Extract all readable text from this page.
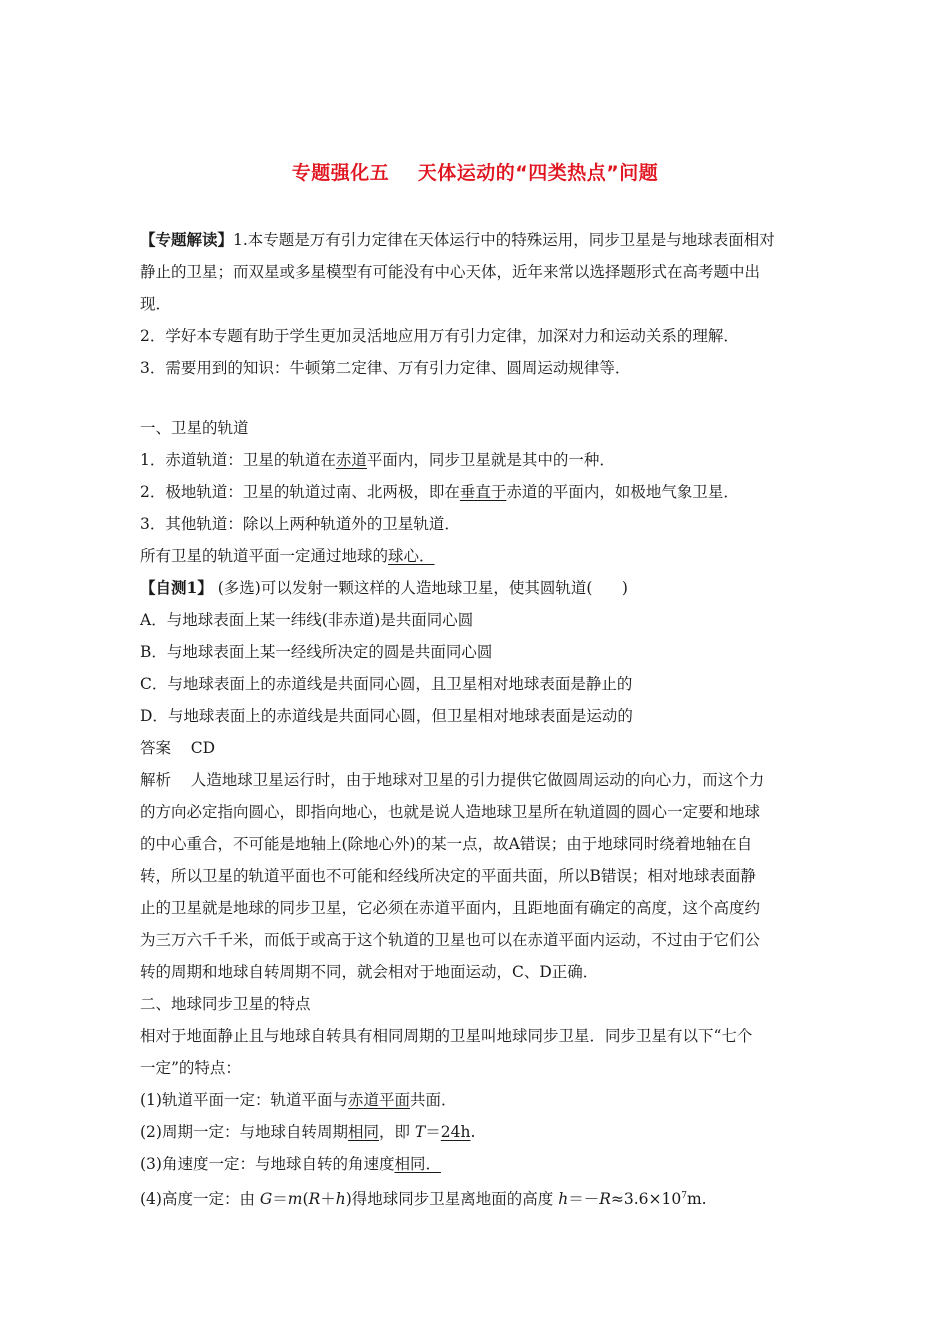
专题强化五    天体运动的“四类热点”问题
【专题解读】1.本专题是万有引力定律在天体运行中的特殊运用，同步卫星是与地球表面相对
静止的卫星；而双星或多星模型有可能没有中心天体，近年来常以选择题形式在高考题中出
现．
2．学好本专题有助于学生更加灵活地应用万有引力定律，加深对力和运动关系的理解．
3．需要用到的知识：牛顿第二定律、万有引力定律、圆周运动规律等．
一、卫星的轨道
1．赤道轨道：卫星的轨道在赤道平面内，同步卫星就是其中的一种．
2．极地轨道：卫星的轨道过南、北两极，即在垂直于赤道的平面内，如极地气象卫星．
3．其他轨道：除以上两种轨道外的卫星轨道．
所有卫星的轨道平面一定通过地球的球心．
【自测1】 (多选)可以发射一颗这样的人造地球卫星，使其圆轨道(      )
A．与地球表面上某一纬线(非赤道)是共面同心圆
B．与地球表面上某一经线所决定的圆是共面同心圆
C．与地球表面上的赤道线是共面同心圆，且卫星相对地球表面是静止的
D．与地球表面上的赤道线是共面同心圆，但卫星相对地球表面是运动的
答案    CD
解析    人造地球卫星运行时，由于地球对卫星的引力提供它做圆周运动的向心力，而这个力
的方向必定指向圆心，即指向地心，也就是说人造地球卫星所在轨道圆的圆心一定要和地球
的中心重合，不可能是地轴上(除地心外)的某一点，故A错误；由于地球同时绕着地轴在自
转，所以卫星的轨道平面也不可能和经线所决定的平面共面，所以B错误；相对地球表面静
止的卫星就是地球的同步卫星，它必须在赤道平面内，且距地面有确定的高度，这个高度约
为三万六千千米，而低于或高于这个轨道的卫星也可以在赤道平面内运动，不过由于它们公
转的周期和地球自转周期不同，就会相对于地面运动，C、D正确．
二、地球同步卫星的特点
相对于地面静止且与地球自转具有相同周期的卫星叫地球同步卫星．同步卫星有以下“七个
一定”的特点：
(1)轨道平面一定：轨道平面与赤道平面共面．
(2)周期一定：与地球自转周期相同，即 T＝24h.
(3)角速度一定：与地球自转的角速度相同．
(4)高度一定：由 G＝m(R＋h)得地球同步卫星离地面的高度 $h=-R\approx 3.6\times 10^7m$.
